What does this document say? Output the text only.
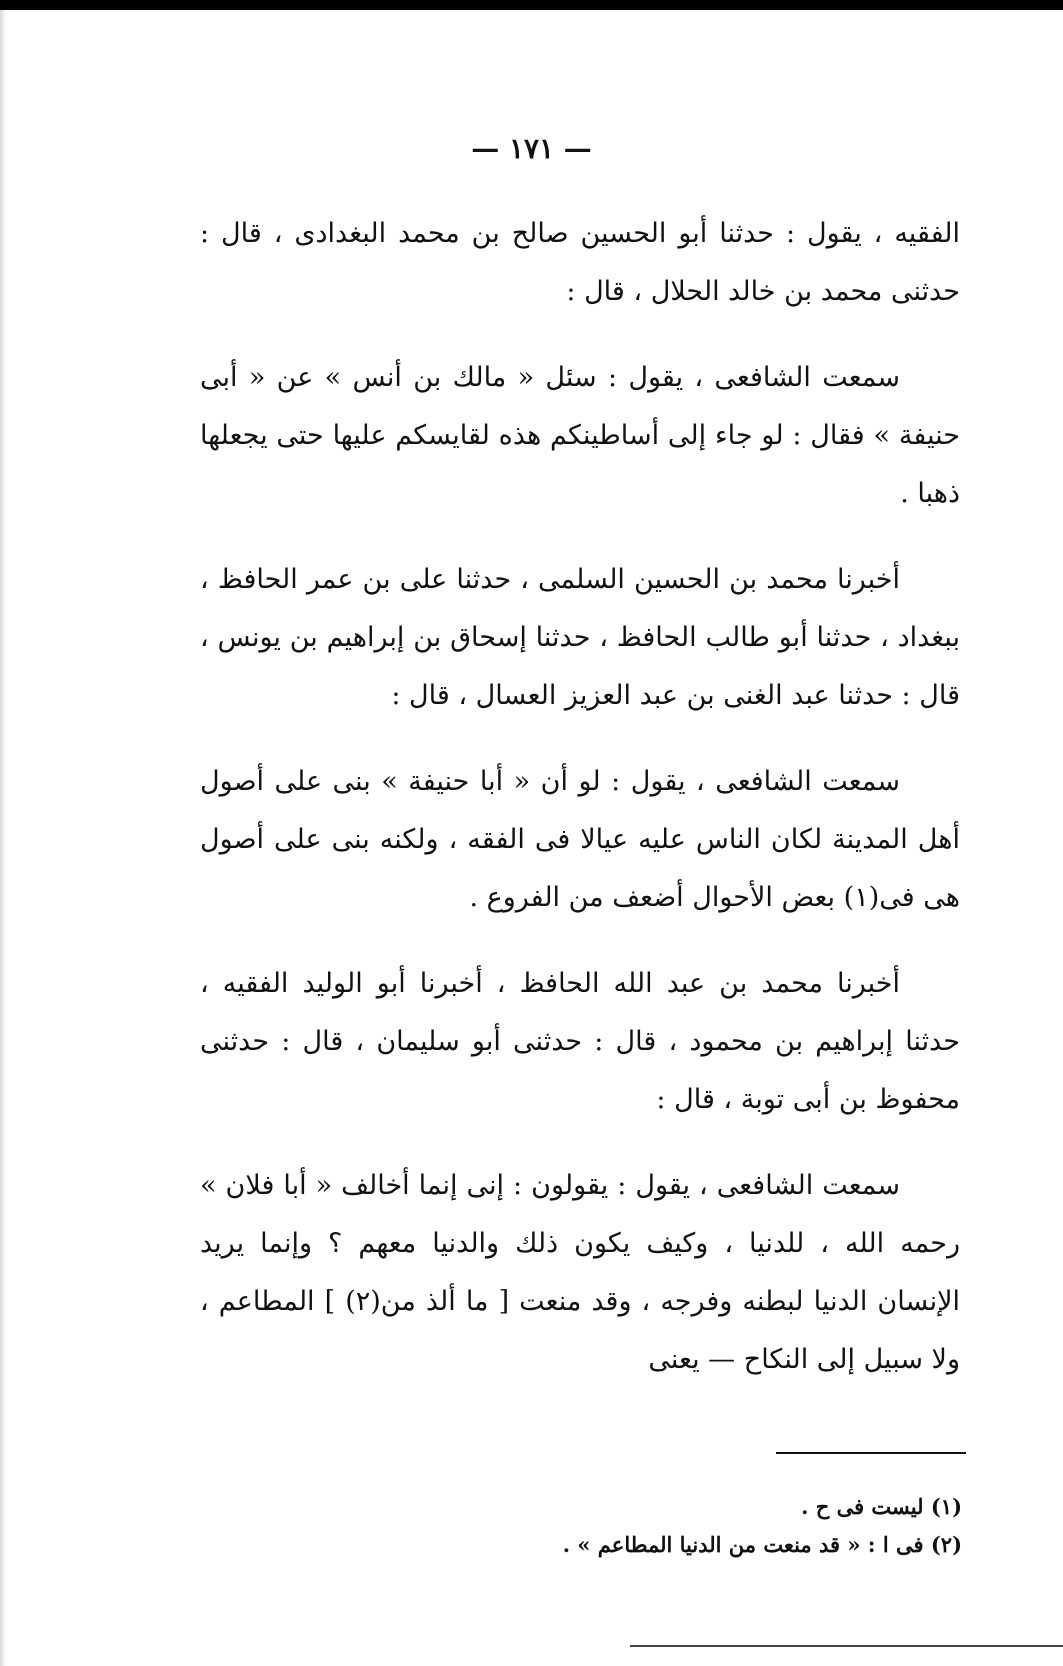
— ١٧١ —

الفقيه ، يقول : حدثنا أبو الحسين صالح بن محمد البغدادى ، قال : حدثنى محمد بن خالد الحلال ، قال :

سمعت الشافعى ، يقول : سئل « مالك بن أنس » عن « أبى حنيفة » فقال : لو جاء إلى أساطينكم هذه لقايسكم عليها حتى يجعلها ذهبا .

أخبرنا محمد بن الحسين السلمى ، حدثنا على بن عمر الحافظ ، ببغداد ، حدثنا أبو طالب الحافظ ، حدثنا إسحاق بن إبراهيم بن يونس ، قال : حدثنا عبد الغنى بن عبد العزيز العسال ، قال :

سمعت الشافعى ، يقول : لو أن « أبا حنيفة » بنى على أصول أهل المدينة لكان الناس عليه عيالا فى الفقه ، ولكنه بنى على أصول هى فى(١) بعض الأحوال أضعف من الفروع .

أخبرنا محمد بن عبد الله الحافظ ، أخبرنا أبو الوليد الفقيه ، حدثنا إبراهيم بن محمود ، قال : حدثنى أبو سليمان ، قال : حدثنى محفوظ بن أبى توبة ، قال :

سمعت الشافعى ، يقول : يقولون : إنى إنما أخالف « أبا فلان » رحمه الله ، للدنيا ، وكيف يكون ذلك والدنيا معهم ؟ وإنما يريد الإنسان الدنيا لبطنه وفرجه ، وقد منعت [ ما ألذ من(٢) ] المطاعم ، ولا سبيل إلى النكاح — يعنى

(١) ليست فى ح .

(٢) فى ا : « قد منعت من الدنيا المطاعم » .
